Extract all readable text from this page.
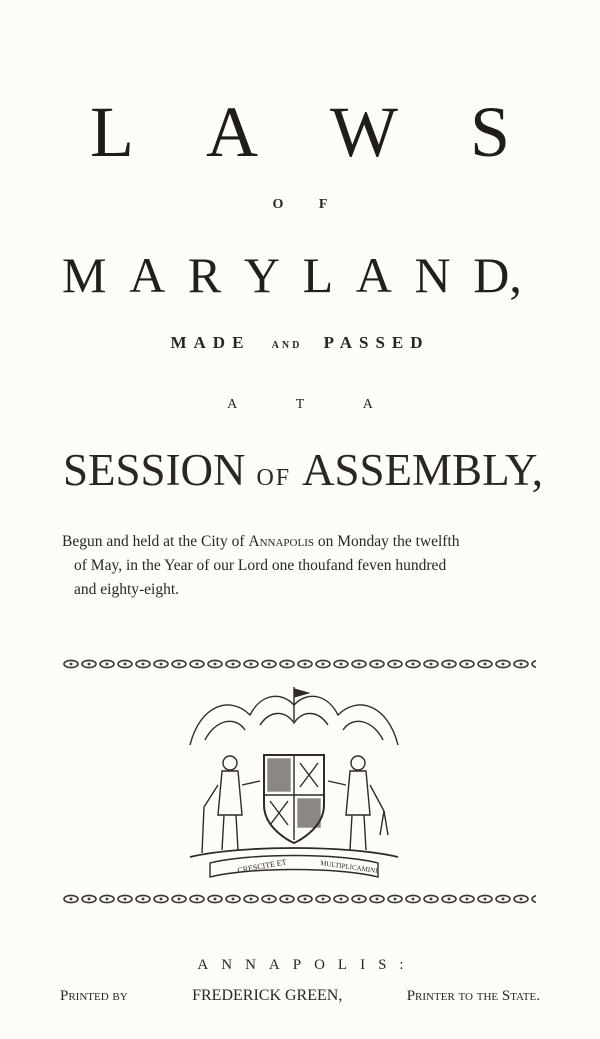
L A W S
O F
M A R Y L A N D,
MADE AND PASSED
A T A
SESSION OF ASSEMBLY,
Begun and held at the City of Annapolis on Monday the twelfth
of May, in the Year of our Lord one thoufand feven hundred
and eighty-eight.
CRESCITE ET	MULTIPLICAMINI
ANNAPOLIS:
Printed by	FREDERICK GREEN,	Printer to the State.
